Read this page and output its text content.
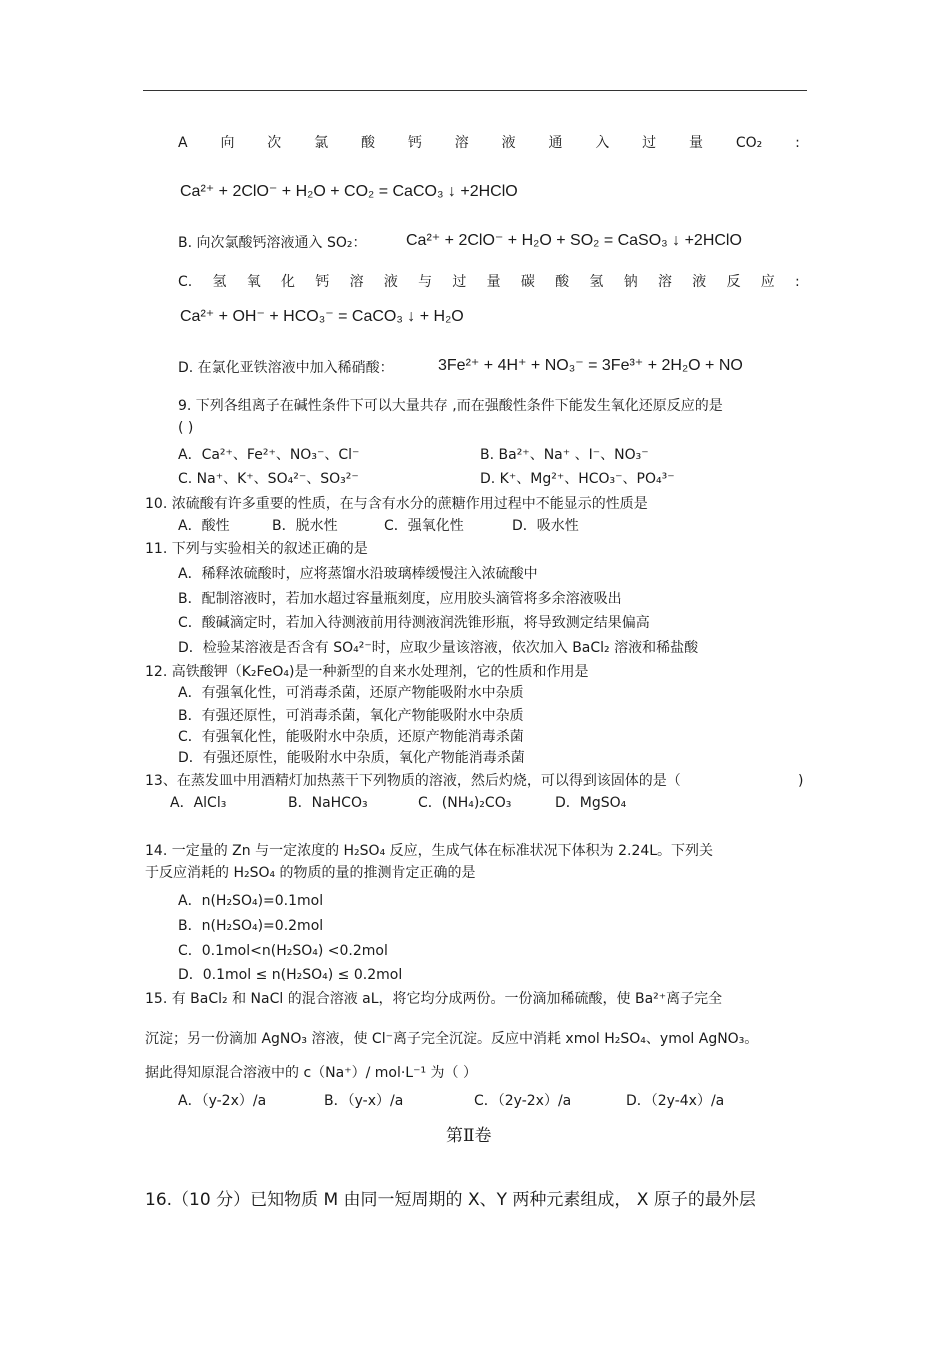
A 向 次 氯 酸 钙 溶 液 通 入 过 量 CO₂ :
Ca²⁺ + 2ClO⁻ + H₂O + CO₂ = CaCO₃ ↓ +2HClO
B. 向次氯酸钙溶液通入 SO₂： Ca²⁺ + 2ClO⁻ + H₂O + SO₂ = CaSO₃ ↓ +2HClO
C. 氢 氧 化 钙 溶 液 与 过 量 碳 酸 氢 钠 溶 液 反 应 :
Ca²⁺ + OH⁻ + HCO₃⁻ = CaCO₃ ↓ + H₂O
D. 在氯化亚铁溶液中加入稀硝酸：	3Fe²⁺ + 4H⁺ + NO₃⁻ = 3Fe³⁺ + 2H₂O + NO
9. 下列各组离子在碱性条件下可以大量共存 ,而在强酸性条件下能发生氧化还原反应的是
( )
A．Ca²⁺、Fe²⁺、NO₃⁻、Cl⁻	B. Ba²⁺、Na⁺ 、I⁻、NO₃⁻
C. Na⁺、K⁺、SO₄²⁻、SO₃²⁻	D. K⁺、Mg²⁺、HCO₃⁻、PO₄³⁻
10. 浓硫酸有许多重要的性质，在与含有水分的蔗糖作用过程中不能显示的性质是
A．酸性	B．脱水性	C．强氧化性	D．吸水性
11. 下列与实验相关的叙述正确的是
A．稀释浓硫酸时，应将蒸馏水沿玻璃棒缓慢注入浓硫酸中
B．配制溶液时，若加水超过容量瓶刻度，应用胶头滴管将多余溶液吸出
C．酸碱滴定时，若加入待测液前用待测液润洗锥形瓶，将导致测定结果偏高
D．检验某溶液是否含有 SO₄²⁻时，应取少量该溶液，依次加入 BaCl₂ 溶液和稀盐酸
12. 高铁酸钾（K₂FeO₄)是一种新型的自来水处理剂，它的性质和作用是
A．有强氧化性，可消毒杀菌，还原产物能吸附水中杂质
B．有强还原性，可消毒杀菌，氧化产物能吸附水中杂质
C．有强氧化性，能吸附水中杂质，还原产物能消毒杀菌
D．有强还原性，能吸附水中杂质，氧化产物能消毒杀菌
13、在蒸发皿中用酒精灯加热蒸干下列物质的溶液，然后灼烧，可以得到该固体的是（	)
A．AlCl₃	B．NaHCO₃	C．(NH₄)₂CO₃	D．MgSO₄
14. 一定量的 Zn 与一定浓度的 H₂SO₄ 反应，生成气体在标准状况下体积为 2.24L。下列关
于反应消耗的 H₂SO₄ 的物质的量的推测肯定正确的是
A．n(H₂SO₄)=0.1mol
B．n(H₂SO₄)=0.2mol
C．0.1mol<n(H₂SO₄) <0.2mol
D．0.1mol ≤ n(H₂SO₄) ≤ 0.2mol
15. 有 BaCl₂ 和 NaCl 的混合溶液 aL，将它均分成两份。一份滴加稀硫酸，使 Ba²⁺离子完全
沉淀；另一份滴加 AgNO₃ 溶液，使 Cl⁻离子完全沉淀。反应中消耗 xmol H₂SO₄、ymol AgNO₃。
据此得知原混合溶液中的 c（Na⁺）/ mol·L⁻¹ 为（ ）
A．（y-2x）/a	B．（y-x）/a	C．（2y-2x）/a	D．（2y-4x）/a
第Ⅱ卷
16.（10 分）已知物质 M 由同一短周期的 X、Y 两种元素组成， X 原子的最外层
